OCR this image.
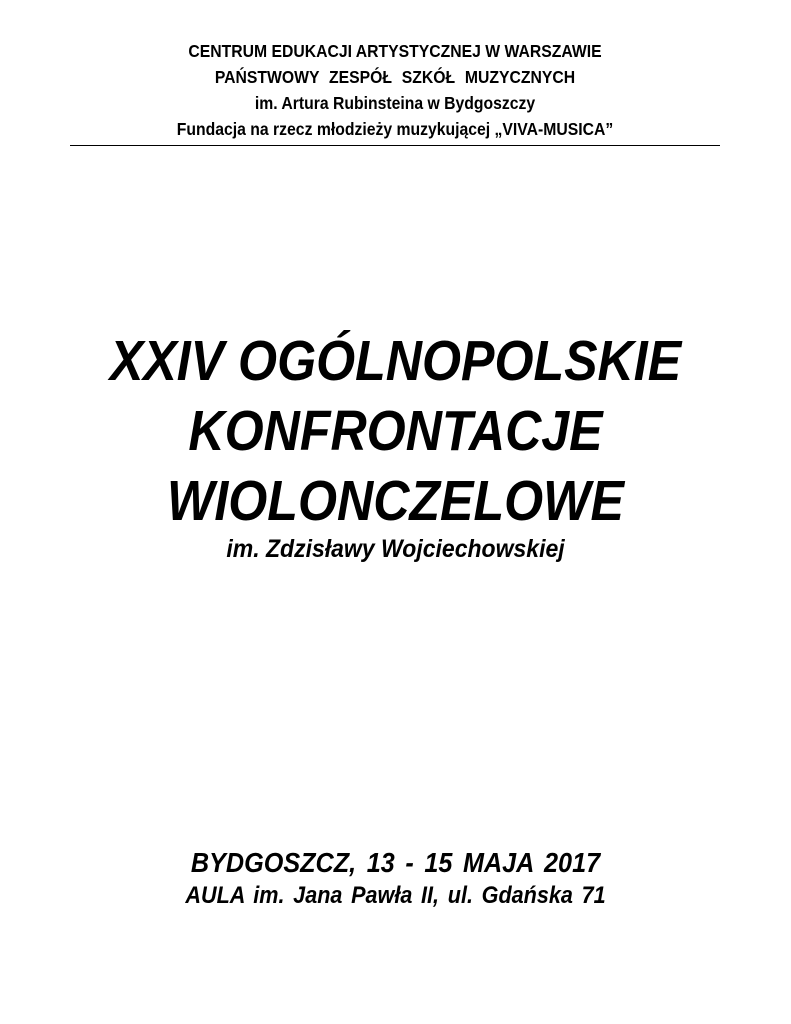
CENTRUM EDUKACJI ARTYSTYCZNEJ W WARSZAWIE
PAŃSTWOWY ZESPÓŁ SZKÓŁ MUZYCZNYCH
im. Artura Rubinsteina w Bydgoszczy
Fundacja na rzecz młodzieży muzykującej „VIVA-MUSICA”
XXIV OGÓLNOPOLSKIE
KONFRONTACJE
WIOLONCZELOWE
im. Zdzisławy Wojciechowskiej
BYDGOSZCZ, 13 - 15 MAJA 2017
AULA im. Jana Pawła II, ul. Gdańska 71
